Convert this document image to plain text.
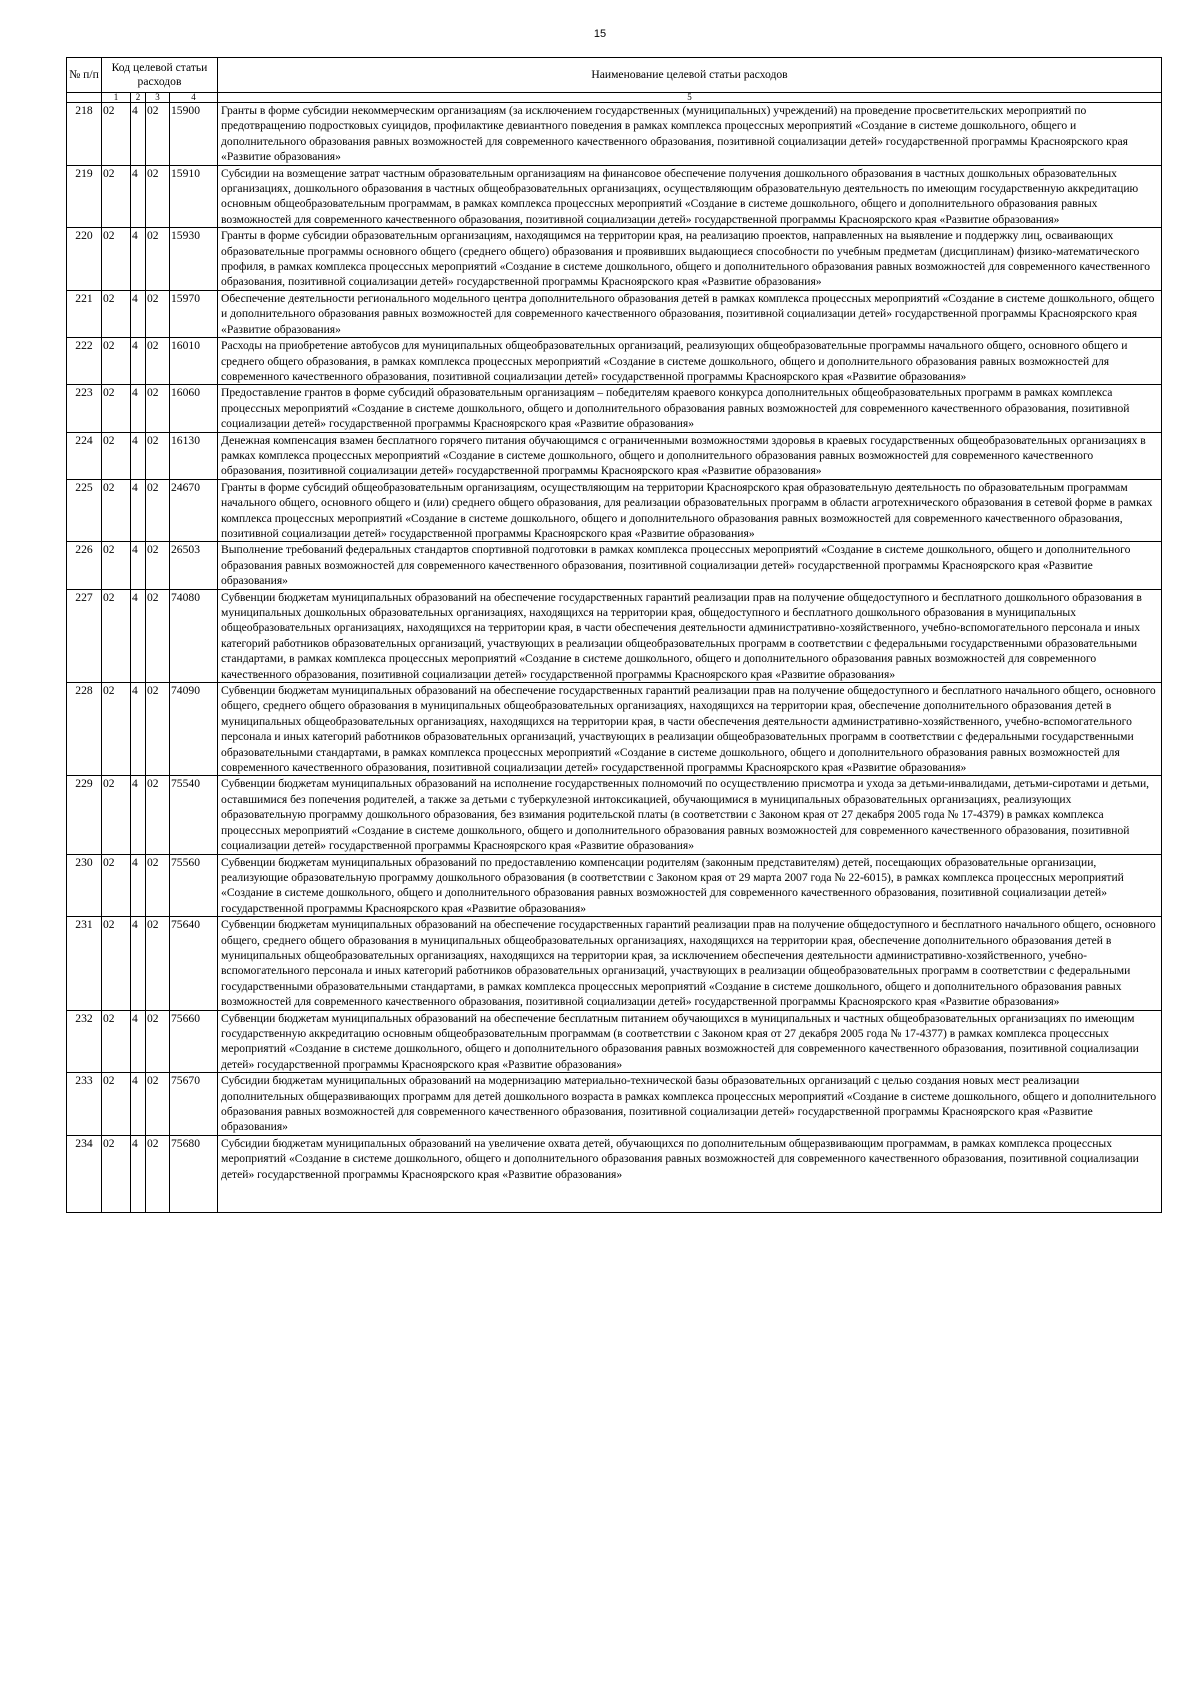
15
№ п/п	Код целевой статьи расходов				Наименование целевой статьи расходов
	1	2	3	4	5
218	02	4	02	15900	Гранты в форме субсидии некоммерческим организациям (за исключением государственных (муниципальных) учреждений) на проведение просветительских мероприятий по предотвращению подростковых суицидов, профилактике девиантного поведения в рамках комплекса процессных мероприятий «Создание в системе дошкольного, общего и дополнительного образования равных возможностей для современного качественного образования, позитивной социализации детей» государственной программы Красноярского края «Развитие образования»
219	02	4	02	15910	Субсидии на возмещение затрат частным образовательным организациям на финансовое обеспечение получения дошкольного образования в частных дошкольных образовательных организациях, дошкольного образования в частных общеобразовательных организациях, осуществляющим образовательную деятельность по имеющим государственную аккредитацию основным общеобразовательным программам, в рамках комплекса процессных мероприятий «Создание в системе дошкольного, общего и дополнительного образования равных возможностей для современного качественного образования, позитивной социализации детей» государственной программы Красноярского края «Развитие образования»
220	02	4	02	15930	Гранты в форме субсидии образовательным организациям, находящимся на территории края, на реализацию проектов, направленных на выявление и поддержку лиц, осваивающих образовательные программы основного общего (среднего общего) образования и проявивших выдающиеся способности по учебным предметам (дисциплинам) физико-математического профиля, в рамках комплекса процессных мероприятий «Создание в системе дошкольного, общего и дополнительного образования равных возможностей для современного качественного образования, позитивной социализации детей» государственной программы Красноярского края «Развитие образования»
221	02	4	02	15970	Обеспечение деятельности регионального модельного центра дополнительного образования детей в рамках комплекса процессных мероприятий «Создание в системе дошкольного, общего и дополнительного образования равных возможностей для современного качественного образования, позитивной социализации детей» государственной программы Красноярского края «Развитие образования»
222	02	4	02	16010	Расходы на приобретение автобусов для муниципальных общеобразовательных организаций, реализующих общеобразовательные программы начального общего, основного общего и среднего общего образования, в рамках комплекса процессных мероприятий «Создание в системе дошкольного, общего и дополнительного образования равных возможностей для современного качественного образования, позитивной социализации детей» государственной программы Красноярского края «Развитие образования»
223	02	4	02	16060	Предоставление грантов в форме субсидий образовательным организациям – победителям краевого конкурса дополнительных общеобразовательных программ в рамках комплекса процессных мероприятий «Создание в системе дошкольного, общего и дополнительного образования равных возможностей для современного качественного образования, позитивной социализации детей» государственной программы Красноярского края «Развитие образования»
224	02	4	02	16130	Денежная компенсация взамен бесплатного горячего питания обучающимся с ограниченными возможностями здоровья в краевых государственных общеобразовательных организациях в рамках комплекса процессных мероприятий «Создание в системе дошкольного, общего и дополнительного образования равных возможностей для современного качественного образования, позитивной социализации детей» государственной программы Красноярского края «Развитие образования»
225	02	4	02	24670	Гранты в форме субсидий общеобразовательным организациям, осуществляющим на территории Красноярского края образовательную деятельность по образовательным программам начального общего, основного общего и (или) среднего общего образования, для реализации образовательных программ в области агротехнического образования в сетевой форме в рамках комплекса процессных мероприятий «Создание в системе дошкольного, общего и дополнительного образования равных возможностей для современного качественного образования, позитивной социализации детей» государственной программы Красноярского края «Развитие образования»
226	02	4	02	26503	Выполнение требований федеральных стандартов спортивной подготовки в рамках комплекса процессных мероприятий «Создание в системе дошкольного, общего и дополнительного образования равных возможностей для современного качественного образования, позитивной социализации детей» государственной программы Красноярского края «Развитие образования»
227	02	4	02	74080	Субвенции бюджетам муниципальных образований на обеспечение государственных гарантий реализации прав на получение общедоступного и бесплатного дошкольного образования в муниципальных дошкольных образовательных организациях, находящихся на территории края, общедоступного и бесплатного дошкольного образования в муниципальных общеобразовательных организациях, находящихся на территории края, в части обеспечения деятельности административно-хозяйственного, учебно-вспомогательного персонала и иных категорий работников образовательных организаций, участвующих в реализации общеобразовательных программ в соответствии с федеральными государственными образовательными стандартами, в рамках комплекса процессных мероприятий «Создание в системе дошкольного, общего и дополнительного образования равных возможностей для современного качественного образования, позитивной социализации детей» государственной программы Красноярского края «Развитие образования»
228	02	4	02	74090	Субвенции бюджетам муниципальных образований на обеспечение государственных гарантий реализации прав на получение общедоступного и бесплатного начального общего, основного общего, среднего общего образования в муниципальных общеобразовательных организациях, находящихся на территории края, обеспечение дополнительного образования детей в муниципальных общеобразовательных организациях, находящихся на территории края, в части обеспечения деятельности административно-хозяйственного, учебно-вспомогательного персонала и иных категорий работников образовательных организаций, участвующих в реализации общеобразовательных программ в соответствии с федеральными государственными образовательными стандартами, в рамках комплекса процессных мероприятий «Создание в системе дошкольного, общего и дополнительного образования равных возможностей для современного качественного образования, позитивной социализации детей» государственной программы Красноярского края «Развитие образования»
229	02	4	02	75540	Субвенции бюджетам муниципальных образований на исполнение государственных полномочий по осуществлению присмотра и ухода за детьми-инвалидами, детьми-сиротами и детьми, оставшимися без попечения родителей, а также за детьми с туберкулезной интоксикацией, обучающимися в муниципальных образовательных организациях, реализующих образовательную программу дошкольного образования, без взимания родительской платы (в соответствии с Законом края от 27 декабря 2005 года № 17-4379) в рамках комплекса процессных мероприятий «Создание в системе дошкольного, общего и дополнительного образования равных возможностей для современного качественного образования, позитивной социализации детей» государственной программы Красноярского края «Развитие образования»
230	02	4	02	75560	Субвенции бюджетам муниципальных образований по предоставлению компенсации родителям (законным представителям) детей, посещающих образовательные организации, реализующие образовательную программу дошкольного образования (в соответствии с Законом края от 29 марта 2007 года № 22-6015), в рамках комплекса процессных мероприятий «Создание в системе дошкольного, общего и дополнительного образования равных возможностей для современного качественного образования, позитивной социализации детей» государственной программы Красноярского края «Развитие образования»
231	02	4	02	75640	Субвенции бюджетам муниципальных образований на обеспечение государственных гарантий реализации прав на получение общедоступного и бесплатного начального общего, основного общего, среднего общего образования в муниципальных общеобразовательных организациях, находящихся на территории края, обеспечение дополнительного образования детей в муниципальных общеобразовательных организациях, находящихся на территории края, за исключением обеспечения деятельности административно-хозяйственного, учебно-вспомогательного персонала и иных категорий работников образовательных организаций, участвующих в реализации общеобразовательных программ в соответствии с федеральными государственными образовательными стандартами, в рамках комплекса процессных мероприятий «Создание в системе дошкольного, общего и дополнительного образования равных возможностей для современного качественного образования, позитивной социализации детей» государственной программы Красноярского края «Развитие образования»
232	02	4	02	75660	Субвенции бюджетам муниципальных образований на обеспечение бесплатным питанием обучающихся в муниципальных и частных общеобразовательных организациях по имеющим государственную аккредитацию основным общеобразовательным программам (в соответствии с Законом края от 27 декабря 2005 года № 17-4377) в рамках комплекса процессных мероприятий «Создание в системе дошкольного, общего и дополнительного образования равных возможностей для современного качественного образования, позитивной социализации детей» государственной программы Красноярского края «Развитие образования»
233	02	4	02	75670	Субсидии бюджетам муниципальных образований на модернизацию материально-технической базы образовательных организаций с целью создания новых мест реализации дополнительных общеразвивающих программ для детей дошкольного возраста в рамках комплекса процессных мероприятий «Создание в системе дошкольного, общего и дополнительного образования равных возможностей для современного качественного образования, позитивной социализации детей» государственной программы Красноярского края «Развитие образования»
234	02	4	02	75680	Субсидии бюджетам муниципальных образований на увеличение охвата детей, обучающихся по дополнительным общеразвивающим программам, в рамках комплекса процессных мероприятий «Создание в системе дошкольного, общего и дополнительного образования равных возможностей для современного качественного образования, позитивной социализации детей» государственной программы Красноярского края «Развитие образования»
